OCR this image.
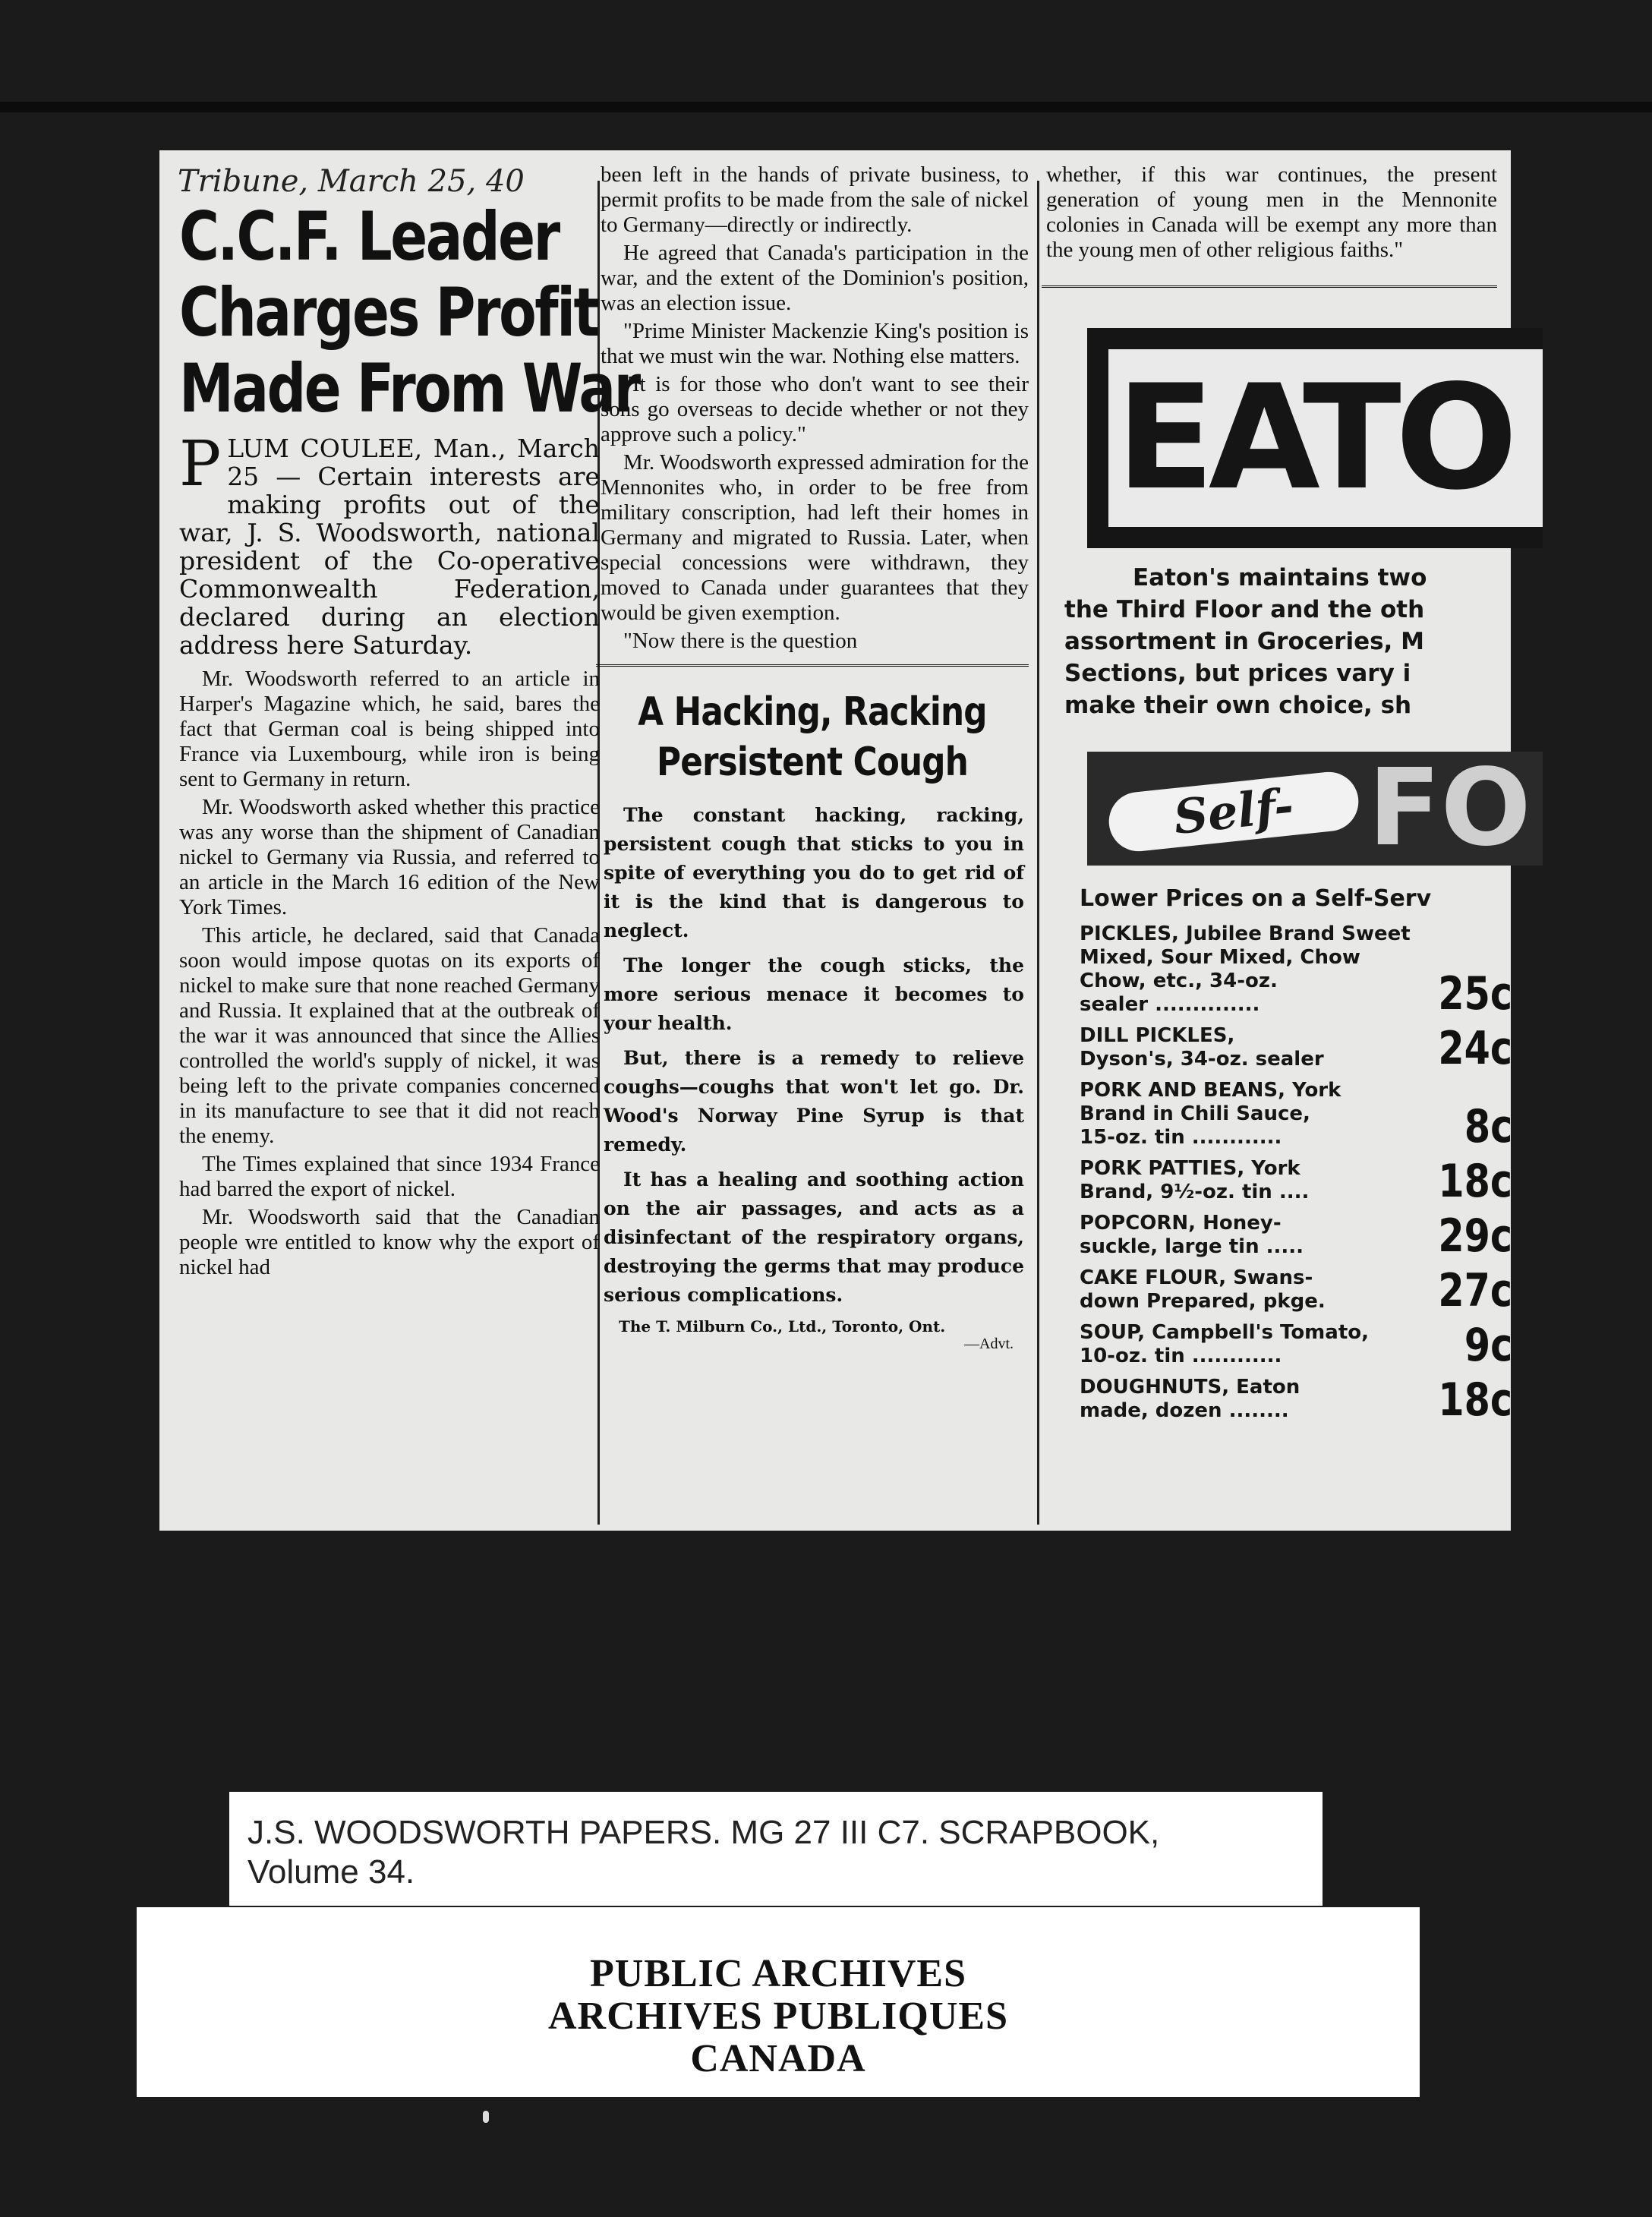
Tribune, March 25, 40
C.C.F. Leader
Charges Profit
Made From War
PLUM COULEE, Man., March 25 — Certain interests are making profits out of the war, J. S. Woodsworth, national president of the Co-operative Commonwealth Federation, declared during an election address here Saturday.

Mr. Woodsworth referred to an article in Harper's Magazine which, he said, bares the fact that German coal is being shipped into France via Luxembourg, while iron is being sent to Germany in return.

Mr. Woodsworth asked whether this practice was any worse than the shipment of Canadian nickel to Germany via Russia, and referred to an article in the March 16 edition of the New York Times.

This article, he declared, said that Canada soon would impose quotas on its exports of nickel to make sure that none reached Germany and Russia. It explained that at the outbreak of the war it was announced that since the Allies controlled the world's supply of nickel, it was being left to the private companies concerned in its manufacture to see that it did not reach the enemy.

The Times explained that since 1934 France had barred the export of nickel.

Mr. Woodsworth said that the Canadian people wre entitled to know why the export of nickel had

been left in the hands of private business, to permit profits to be made from the sale of nickel to Germany—directly or indirectly.

He agreed that Canada's participation in the war, and the extent of the Dominion's position, was an election issue.

"Prime Minister Mackenzie King's position is that we must win the war. Nothing else matters.

"It is for those who don't want to see their sons go overseas to decide whether or not they approve such a policy."

Mr. Woodsworth expressed admiration for the Mennonites who, in order to be free from military conscription, had left their homes in Germany and migrated to Russia. Later, when special concessions were withdrawn, they moved to Canada under guarantees that they would be given exemption.

"Now there is the question

A Hacking, Racking
Persistent Cough

The constant hacking, racking, persistent cough that sticks to you in spite of everything you do to get rid of it is the kind that is dangerous to neglect.

The longer the cough sticks, the more serious menace it becomes to your health.

But, there is a remedy to relieve coughs—coughs that won't let go. Dr. Wood's Norway Pine Syrup is that remedy.

It has a healing and soothing action on the air passages, and acts as a disinfectant of the respiratory organs, destroying the germs that may produce serious complications.

The T. Milburn Co., Ltd., Toronto, Ont.
—Advt.

whether, if this war continues, the present generation of young men in the Mennonite colonies in Canada will be exempt any more than the young men of other religious faiths."

EATO
Eaton's maintains two
the Third Floor and the oth
assortment in Groceries, M
Sections, but prices vary i
make their own choice, sh
Self- FO
Lower Prices on a Self-Serv
PICKLES, Jubilee Brand Sweet
Mixed, Sour Mixed, Chow
Chow, etc., 34-oz.
sealer ..............	25c
DILL PICKLES,
Dyson's, 34-oz. sealer	24c
PORK AND BEANS, York
Brand in Chili Sauce,
15-oz. tin ............	8c
PORK PATTIES, York
Brand, 9½-oz. tin ....	18c
POPCORN, Honey-
suckle, large tin .....	29c
CAKE FLOUR, Swans-
down Prepared, pkge.	27c
SOUP, Campbell's Tomato,
10-oz. tin ............	9c
DOUGHNUTS, Eaton
made, dozen ........	18c
J.S. WOODSWORTH PAPERS. MG 27 III C7. SCRAPBOOK,
Volume 34.
PUBLIC ARCHIVES
ARCHIVES PUBLIQUES
CANADA
